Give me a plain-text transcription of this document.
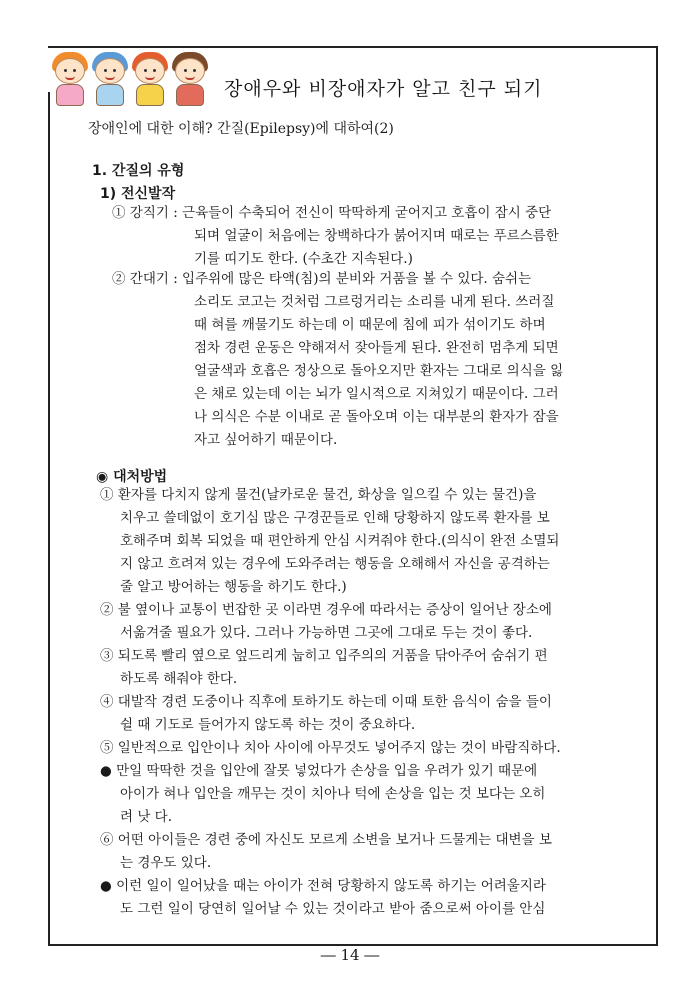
장애우와 비장애자가 알고 친구 되기
장애인에 대한 이해? 간질(Epilepsy)에 대하여(2)
1. 간질의 유형
1) 전신발작
① 강직기 : 근육들이 수축되어 전신이 딱딱하게 굳어지고 호흡이 잠시 중단
되며 얼굴이 처음에는 창백하다가 붉어지며 때로는 푸르스름한
기를 띠기도 한다. (수초간 지속된다.)
② 간대기 : 입주위에 많은 타액(침)의 분비와 거품을 볼 수 있다. 숨쉬는
소리도 코고는 것처럼 그르렁거리는 소리를 내게 된다. 쓰러질
때 혀를 깨물기도 하는데 이 때문에 침에 피가 섞이기도 하며
점차 경련 운동은 약해져서 잦아들게 된다. 완전히 멈추게 되면
얼굴색과 호흡은 정상으로 돌아오지만 환자는 그대로 의식을 잃
은 채로 있는데 이는 뇌가 일시적으로 지쳐있기 때문이다. 그러
나 의식은 수분 이내로 곧 돌아오며 이는 대부분의 환자가 잠을
자고 싶어하기 때문이다.
◉ 대처방법
① 환자를 다치지 않게 물건(날카로운 물건, 화상을 일으킬 수 있는 물건)을
치우고 쓸데없이 호기심 많은 구경꾼들로 인해 당황하지 않도록 환자를 보
호해주며 회복 되었을 때 편안하게 안심 시켜줘야 한다.(의식이 완전 소멸되
지 않고 흐려져 있는 경우에 도와주려는 행동을 오해해서 자신을 공격하는
줄 알고 방어하는 행동을 하기도 한다.)
② 불 옆이나 교통이 번잡한 곳 이라면 경우에 따라서는 증상이 일어난 장소에
서옮겨줄 필요가 있다. 그러나 가능하면 그곳에 그대로 두는 것이 좋다.
③ 되도록 빨리 옆으로 엎드리게 눕히고 입주의의 거품을 닦아주어 숨쉬기 편
하도록 해줘야 한다.
④ 대발작 경련 도중이나 직후에 토하기도 하는데 이때 토한 음식이 숨을 들이
쉴 때 기도로 들어가지 않도록 하는 것이 중요하다.
⑤ 일반적으로 입안이나 치아 사이에 아무것도 넣어주지 않는 것이 바람직하다.
● 만일 딱딱한 것을 입안에 잘못 넣었다가 손상을 입을 우려가 있기 때문에
아이가 혀나 입안을 깨무는 것이 치아나 턱에 손상을 입는 것 보다는 오히
려 낫 다.
⑥ 어떤 아이들은 경련 중에 자신도 모르게 소변을 보거나 드물게는 대변을 보
는 경우도 있다.
● 이런 일이 일어났을 때는 아이가 전혀 당황하지 않도록 하기는 어려울지라
도 그런 일이 당연히 일어날 수 있는 것이라고 받아 줌으로써 아이를 안심
― 14 ―
